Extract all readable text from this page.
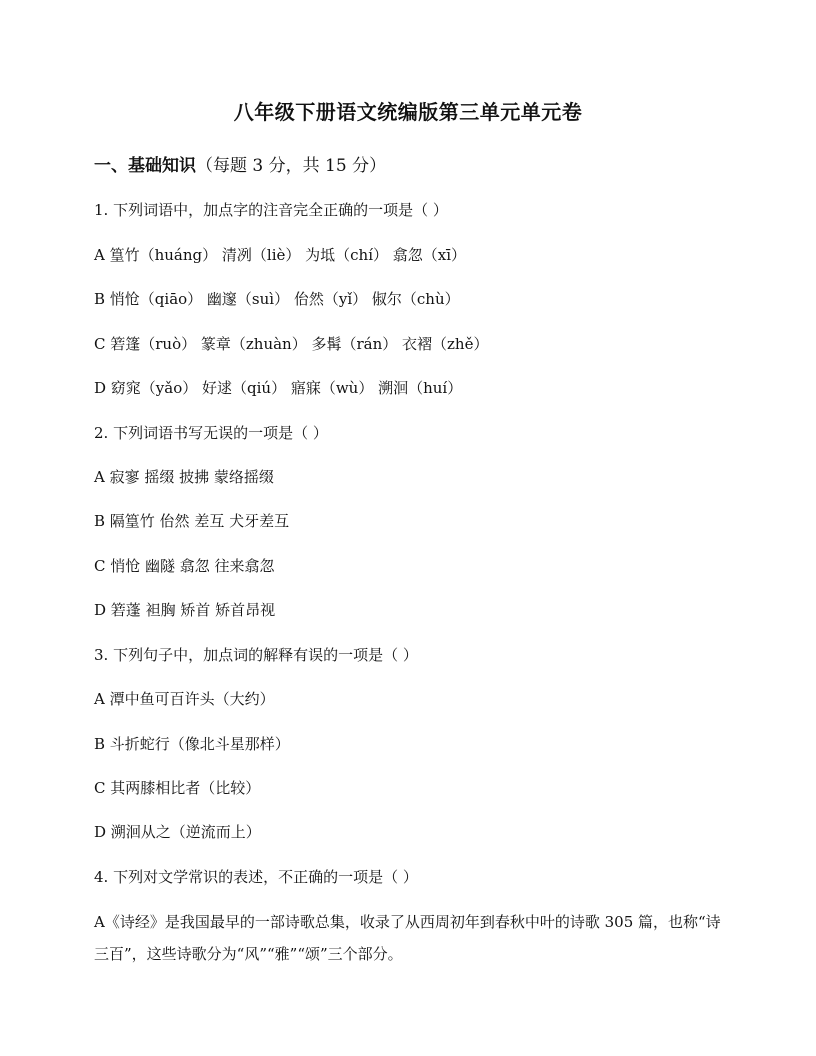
八年级下册语文统编版第三单元单元卷
一、基础知识（每题 3 分，共 15 分）

1. 下列词语中，加点字的注音完全正确的一项是（ ）

A 篁竹（huáng） 清冽（liè） 为坻（chí） 翕忽（xī）

B 悄怆（qiāo） 幽邃（suì） 佁然（yǐ） 俶尔（chù）

C 箬篷（ruò） 篆章（zhuàn） 多髯（rán） 衣褶（zhě）

D 窈窕（yǎo） 好逑（qiú） 寤寐（wù） 溯洄（huí）

2. 下列词语书写无误的一项是（ ）

A 寂寥 摇缀 披拂 蒙络摇缀

B 隔篁竹 佁然 差互 犬牙差互

C 悄怆 幽隧 翕忽 往来翕忽

D 箬蓬 袒胸 矫首 矫首昂视

3. 下列句子中，加点词的解释有误的一项是（ ）

A 潭中鱼可百许头（大约）

B 斗折蛇行（像北斗星那样）

C 其两膝相比者（比较）

D 溯洄从之（逆流而上）

4. 下列对文学常识的表述，不正确的一项是（ ）

A《诗经》是我国最早的一部诗歌总集，收录了从西周初年到春秋中叶的诗歌 305 篇，也称“诗三百”，这些诗歌分为“风”“雅”“颂”三个部分。
